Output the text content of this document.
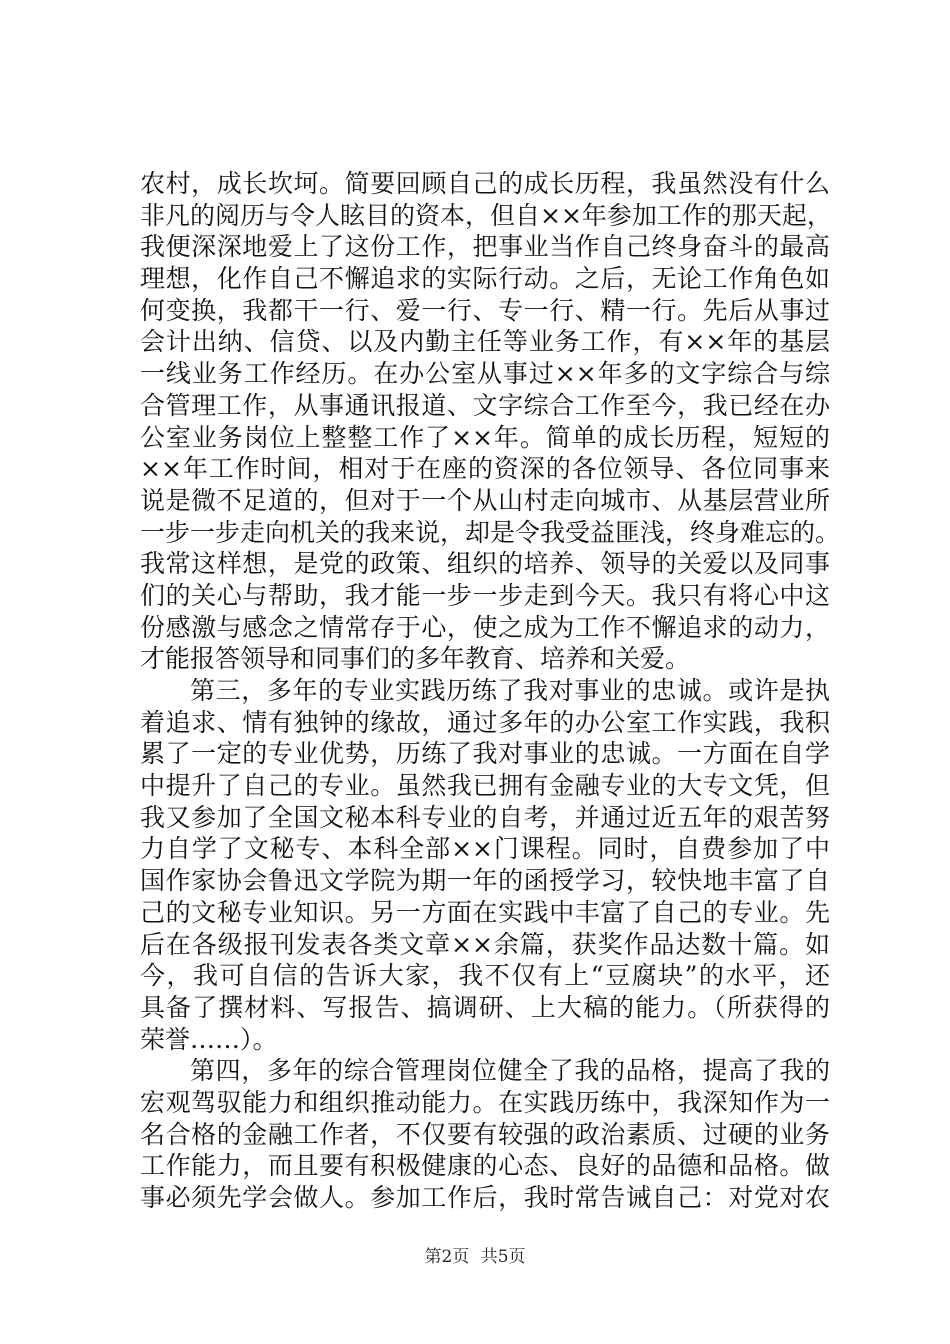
农村，成长坎坷。简要回顾自己的成长历程，我虽然没有什么
非凡的阅历与令人眩目的资本，但自××年参加工作的那天起，
我便深深地爱上了这份工作，把事业当作自己终身奋斗的最高
理想，化作自己不懈追求的实际行动。之后，无论工作角色如
何变换，我都干一行、爱一行、专一行、精一行。先后从事过
会计出纳、信贷、以及内勤主任等业务工作，有××年的基层
一线业务工作经历。在办公室从事过××年多的文字综合与综
合管理工作，从事通讯报道、文字综合工作至今，我已经在办
公室业务岗位上整整工作了××年。简单的成长历程，短短的
××年工作时间，相对于在座的资深的各位领导、各位同事来
说是微不足道的，但对于一个从山村走向城市、从基层营业所
一步一步走向机关的我来说，却是令我受益匪浅，终身难忘的。
我常这样想，是党的政策、组织的培养、领导的关爱以及同事
们的关心与帮助，我才能一步一步走到今天。我只有将心中这
份感激与感念之情常存于心，使之成为工作不懈追求的动力，
才能报答领导和同事们的多年教育、培养和关爱。
第三，多年的专业实践历练了我对事业的忠诚。或许是执
着追求、情有独钟的缘故，通过多年的办公室工作实践，我积
累了一定的专业优势，历练了我对事业的忠诚。一方面在自学
中提升了自己的专业。虽然我已拥有金融专业的大专文凭，但
我又参加了全国文秘本科专业的自考，并通过近五年的艰苦努
力自学了文秘专、本科全部××门课程。同时，自费参加了中
国作家协会鲁迅文学院为期一年的函授学习，较快地丰富了自
己的文秘专业知识。另一方面在实践中丰富了自己的专业。先
后在各级报刊发表各类文章××余篇，获奖作品达数十篇。如
今，我可自信的告诉大家，我不仅有上“豆腐块”的水平，还
具备了撰材料、写报告、搞调研、上大稿的能力。（所获得的
荣誉……）。
第四，多年的综合管理岗位健全了我的品格，提高了我的
宏观驾驭能力和组织推动能力。在实践历练中，我深知作为一
名合格的金融工作者，不仅要有较强的政治素质、过硬的业务
工作能力，而且要有积极健康的心态、良好的品德和品格。做
事必须先学会做人。参加工作后，我时常告诫自己：对党对农
第2页 共5页
